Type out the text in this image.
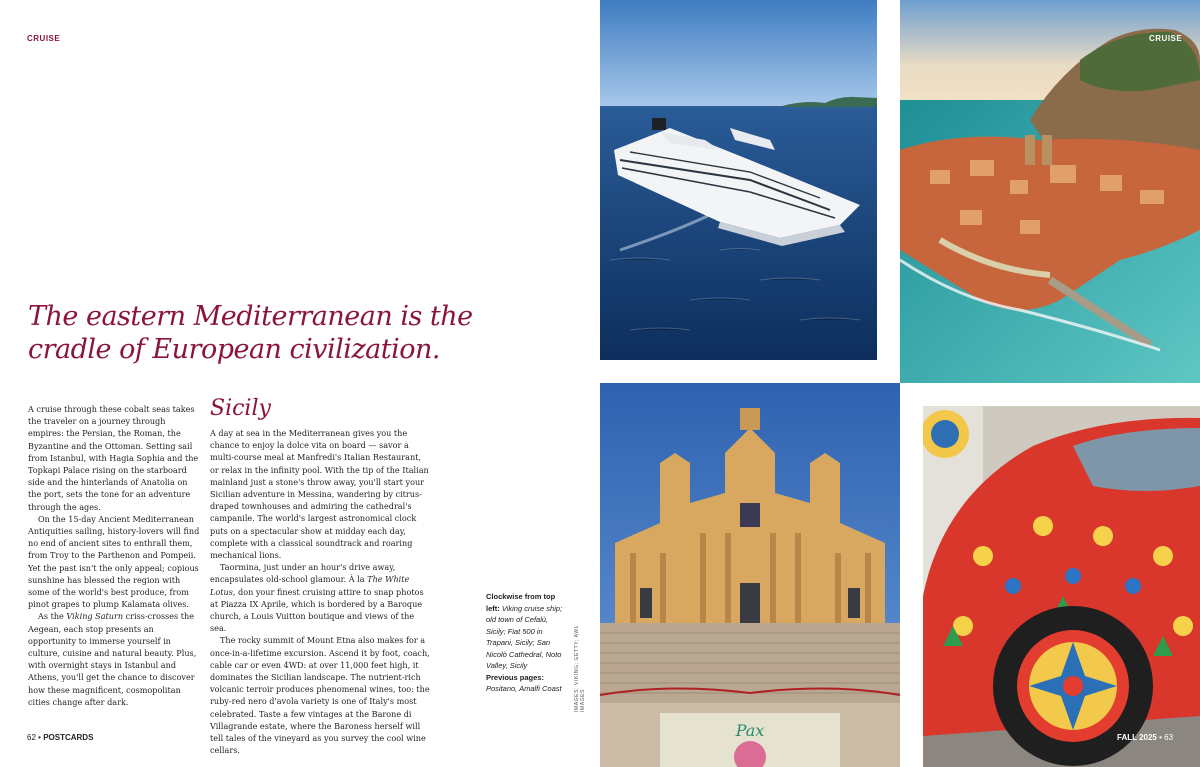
CRUISE
The eastern Mediterranean is the
cradle of European civilization.

A cruise through these cobalt seas takes the traveler on a journey through empires: the Persian, the Roman, the Byzantine and the Ottoman. Setting sail from Istanbul, with Hagia Sophia and the Topkapi Palace rising on the starboard side and the hinterlands of Anatolia on the port, sets the tone for an adventure through the ages.

On the 15-day Ancient Mediterranean Antiquities sailing, history-lovers will find no end of ancient sites to enthrall them, from Troy to the Parthenon and Pompeii. Yet the past isn't the only appeal; copious sunshine has blessed the region with some of the world's best produce, from pinot grapes to plump Kalamata olives.

As the Viking Saturn criss-crosses the Aegean, each stop presents an opportunity to immerse yourself in culture, cuisine and natural beauty. Plus, with overnight stays in Istanbul and Athens, you'll get the chance to discover how these magnificent, cosmopolitan cities change after dark.

Sicily

A day at sea in the Mediterranean gives you the chance to enjoy la dolce vita on board — savor a multi-course meal at Manfredi's Italian Restaurant, or relax in the infinity pool. With the tip of the Italian mainland just a stone's throw away, you'll start your Sicilian adventure in Messina, wandering by citrus-draped townhouses and admiring the cathedral's campanile. The world's largest astronomical clock puts on a spectacular show at midday each day, complete with a classical soundtrack and roaring mechanical lions.

Taormina, just under an hour's drive away, encapsulates old-school glamour. À la The White Lotus, don your finest cruising attire to snap photos at Piazza IX Aprile, which is bordered by a Baroque church, a Louis Vuitton boutique and views of the sea.

The rocky summit of Mount Etna also makes for a once-in-a-lifetime excursion. Ascend it by foot, coach, cable car or even 4WD: at over 11,000 feet high, it dominates the Sicilian landscape. The nutrient-rich volcanic terroir produces phenomenal wines, too: the ruby-red nero d'avola variety is one of Italy's most celebrated. Taste a few vintages at the Barone di Villagrande estate, where the Baroness herself will tell tales of the vineyard as you survey the cool wine cellars.

Clockwise from top left: Viking cruise ship; old town of Cefalù, Sicily; Fiat 500 in Trapani, Sicily; San Nicolò Cathedral, Noto Valley, Sicily
Previous pages: Positano, Amalfi Coast	IMAGES: VIKING; GETTY; AWL IMAGES
62 • POSTCARDS
CRUISE
Pax	FALL 2025 • 63
